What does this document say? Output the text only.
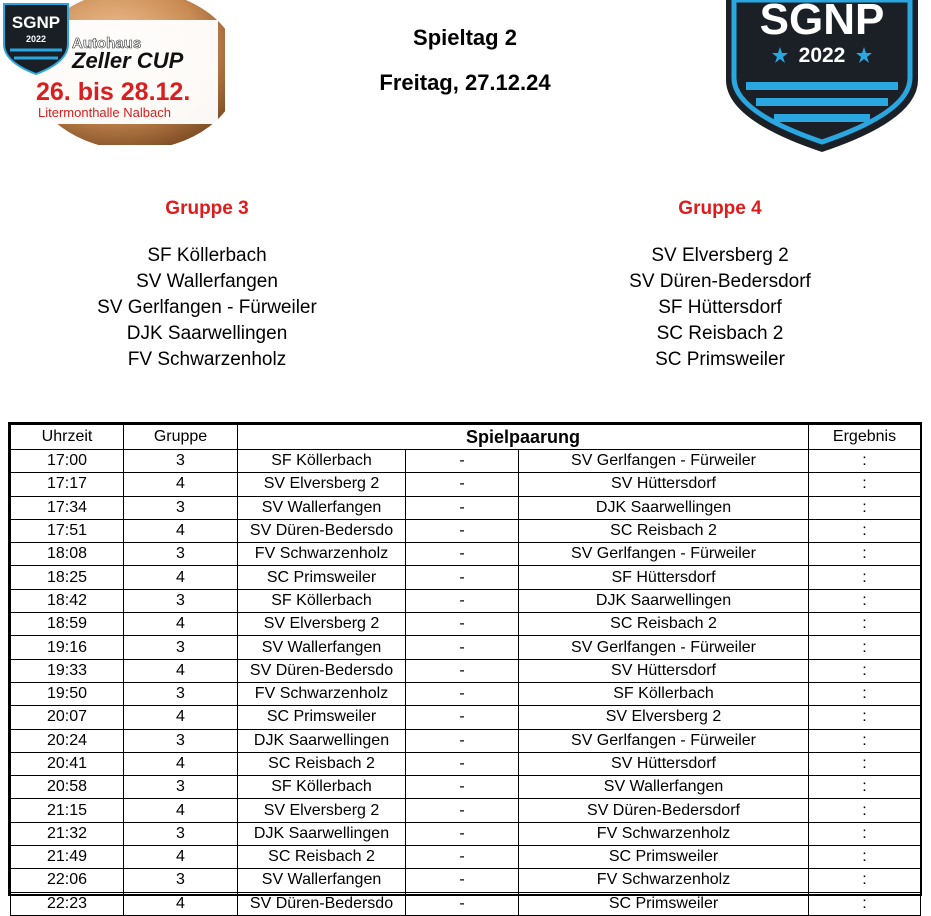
Autohaus
Zeller CUP
26. bis 28.12.
Litermonthalle Nalbach
SGNP
2022	Spieltag 2
Freitag, 27.12.24
SGNP
2022
Gruppe 3
SF Köllerbach
SV Wallerfangen
SV Gerlfangen - Fürweiler
DJK Saarwellingen
FV Schwarzenholz
Gruppe 4
SV Elversberg 2
SV Düren-Bedersdorf
SF Hüttersdorf
SC Reisbach 2
SC Primsweiler
Uhrzeit	Gruppe	Spielpaarung			Ergebnis
17:00	3	SF Köllerbach	-	SV Gerlfangen - Fürweiler	:
17:17	4	SV Elversberg 2	-	SV Hüttersdorf	:
17:34	3	SV Wallerfangen	-	DJK Saarwellingen	:
17:51	4	SV Düren-Bedersdo	-	SC Reisbach 2	:
18:08	3	FV Schwarzenholz	-	SV Gerlfangen - Fürweiler	:
18:25	4	SC Primsweiler	-	SF Hüttersdorf	:
18:42	3	SF Köllerbach	-	DJK Saarwellingen	:
18:59	4	SV Elversberg 2	-	SC Reisbach 2	:
19:16	3	SV Wallerfangen	-	SV Gerlfangen - Fürweiler	:
19:33	4	SV Düren-Bedersdo	-	SV Hüttersdorf	:
19:50	3	FV Schwarzenholz	-	SF Köllerbach	:
20:07	4	SC Primsweiler	-	SV Elversberg 2	:
20:24	3	DJK Saarwellingen	-	SV Gerlfangen - Fürweiler	:
20:41	4	SC Reisbach 2	-	SV Hüttersdorf	:
20:58	3	SF Köllerbach	-	SV Wallerfangen	:
21:15	4	SV Elversberg 2	-	SV Düren-Bedersdorf	:
21:32	3	DJK Saarwellingen	-	FV Schwarzenholz	:
21:49	4	SC Reisbach 2	-	SC Primsweiler	:
22:06	3	SV Wallerfangen	-	FV Schwarzenholz	:
22:23	4	SV Düren-Bedersdo	-	SC Primsweiler	:
